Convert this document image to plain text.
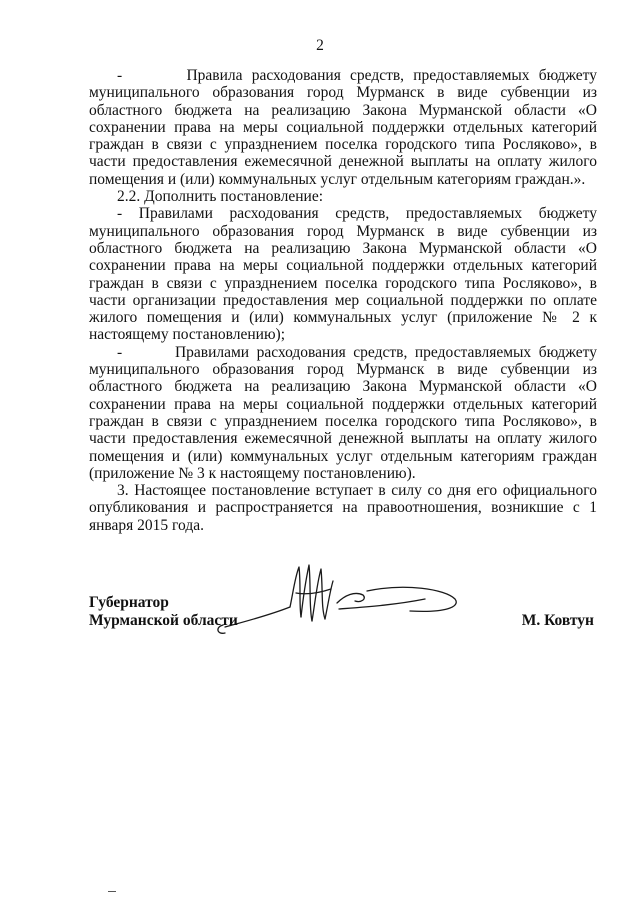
2

-       Правила расходования средств, предоставляемых бюджету муниципального образования город Мурманск в виде субвенции из областного бюджета на реализацию Закона Мурманской области «О сохранении права на меры социальной поддержки отдельных категорий граждан в связи с упразднением поселка городского типа Росляково», в части предоставления ежемесячной денежной выплаты на оплату жилого помещения и (или) коммунальных услуг отдельным категориям граждан.».

2.2. Дополнить постановление:

- Правилами расходования средств, предоставляемых бюджету муниципального образования город Мурманск в виде субвенции из областного бюджета на реализацию Закона Мурманской области «О сохранении права на меры социальной поддержки отдельных категорий граждан в связи с упразднением поселка городского типа Росляково», в части организации предоставления мер социальной поддержки по оплате жилого помещения и (или) коммунальных услуг (приложение № 2 к настоящему постановлению);

-       Правилами расходования средств, предоставляемых бюджету муниципального образования город Мурманск в виде субвенции из областного бюджета на реализацию Закона Мурманской области «О сохранении права на меры социальной поддержки отдельных категорий граждан в связи с упразднением поселка городского типа Росляково», в части предоставления ежемесячной денежной выплаты на оплату жилого помещения и (или) коммунальных услуг отдельным категориям граждан (приложение № 3 к настоящему постановлению).

3. Настоящее постановление вступает в силу со дня его официального опубликования и распространяется на правоотношения, возникшие с 1 января 2015 года.

Губернатор
Мурманской области	М. Ковтун
